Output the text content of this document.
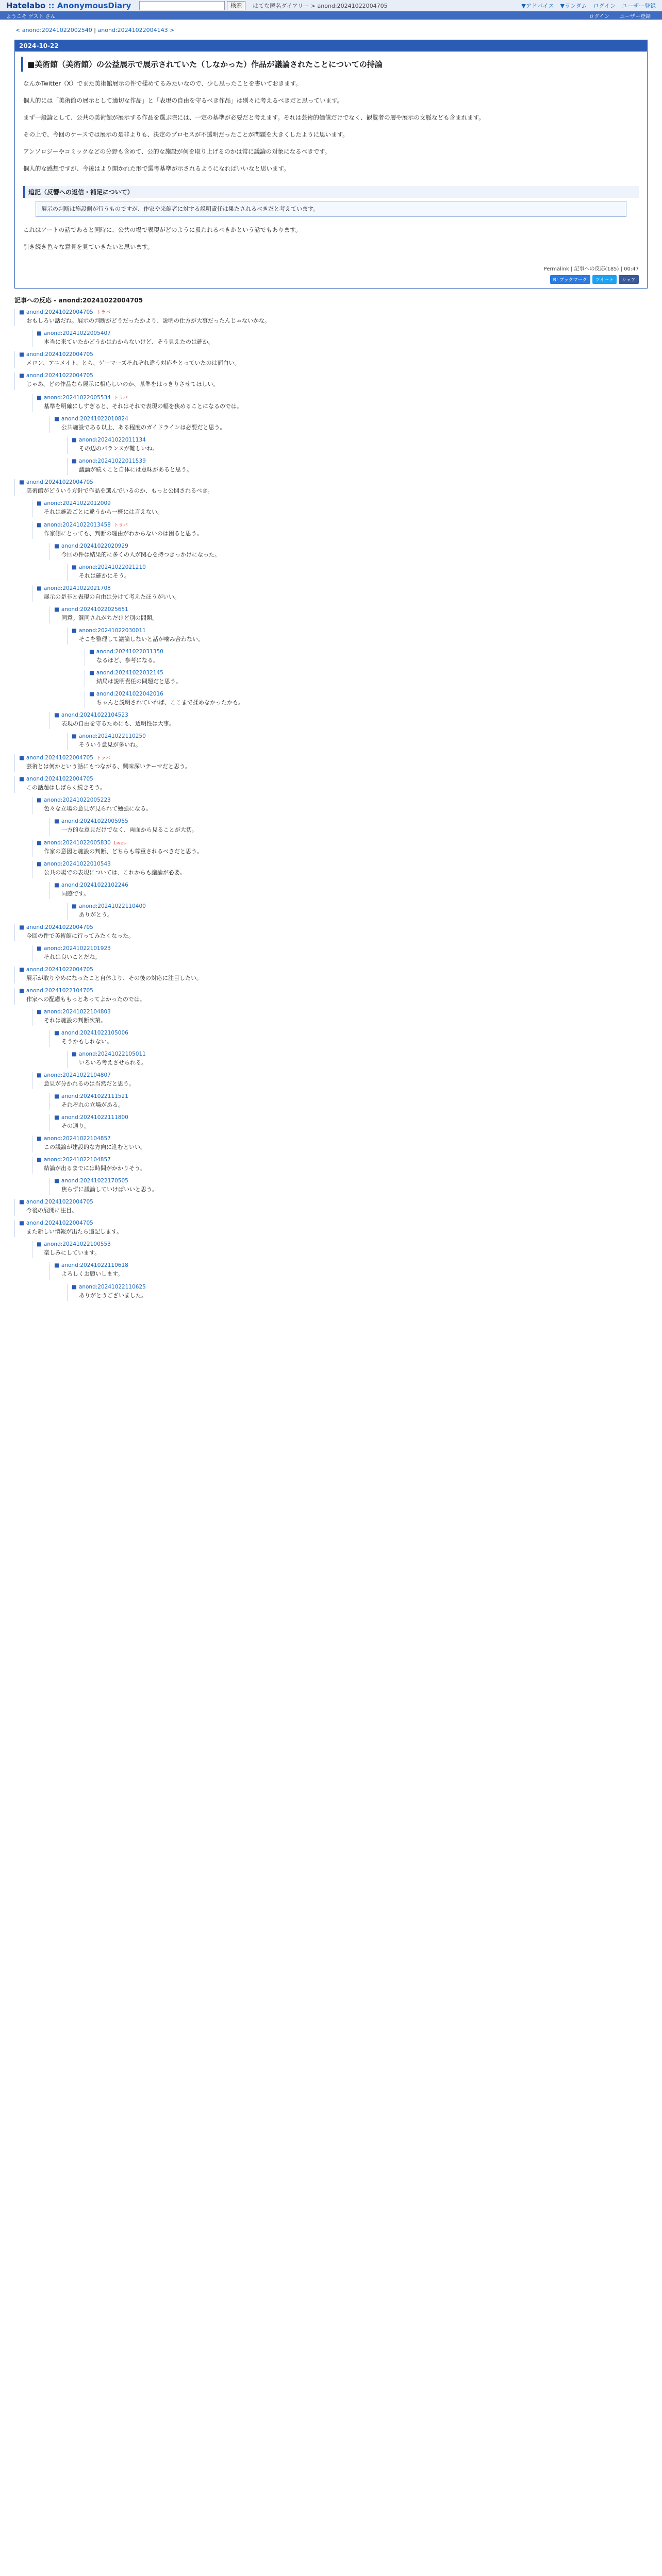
Hatelabo :: AnonymousDiary	検索	はてな匿名ダイアリー > anond:20241022004705	▼アドバイス ▼ランダム ログイン ユーザー登録
ようこそ ゲスト さん	ログイン ユーザー登録
< anond:20241022002540 | anond:20241022004143 >
2024-10-22
■美術館（美術館）の公益展示で展示されていた（しなかった）作品が議論されたことについての持論

なんかTwitter（X）でまた美術館展示の件で揉めてるみたいなので、少し思ったことを書いておきます。

個人的には「美術館の展示として適切な作品」と「表現の自由を守るべき作品」は別々に考えるべきだと思っています。

まず一般論として、公共の美術館が展示する作品を選ぶ際には、一定の基準が必要だと考えます。それは芸術的価値だけでなく、観覧者の層や展示の文脈なども含まれます。

その上で、今回のケースでは展示の是非よりも、決定のプロセスが不透明だったことが問題を大きくしたように思います。

アンソロジーやコミックなどの分野も含めて、公的な施設が何を取り上げるのかは常に議論の対象になるべきです。

個人的な感想ですが、今後はより開かれた形で選考基準が示されるようになればいいなと思います。

追記（反響への返信・補足について）
展示の判断は施設側が行うものですが、作家や来館者に対する説明責任は果たされるべきだと考えています。

これはアートの話であると同時に、公共の場で表現がどのように扱われるべきかという話でもあります。

引き続き色々な意見を見ていきたいと思います。

Permalink | 記事への反応(185) | 00:47
B! ブックマーク	ツイート	シェア
記事への反応 - anond:20241022004705
■ anond:20241022004705 トラバ
おもしろい話だね。展示の判断がどうだったかより、説明の仕方が大事だったんじゃないかな。
■ anond:20241022005407
本当に来ていたかどうかはわからないけど、そう見えたのは確か。
■ anond:20241022004705
メロン、アニメイト、とら、ゲーマーズそれぞれ違う対応をとっていたのは面白い。
■ anond:20241022004705
じゃあ、どの作品なら展示に相応しいのか、基準をはっきりさせてほしい。
■ anond:20241022005534 トラバ
基準を明確にしすぎると、それはそれで表現の幅を狭めることになるのでは。
■ anond:20241022010824
公共施設である以上、ある程度のガイドラインは必要だと思う。
■ anond:20241022011134
その辺のバランスが難しいね。
■ anond:20241022011539
議論が続くこと自体には意味があると思う。
■ anond:20241022004705
美術館がどういう方針で作品を選んでいるのか、もっと公開されるべき。
■ anond:20241022012009
それは施設ごとに違うから一概には言えない。
■ anond:20241022013458 トラバ
作家側にとっても、判断の理由がわからないのは困ると思う。
■ anond:20241022020929
今回の件は結果的に多くの人が関心を持つきっかけになった。
■ anond:20241022021210
それは確かにそう。
■ anond:20241022021708
展示の是非と表現の自由は分けて考えたほうがいい。
■ anond:20241022025651
同意。混同されがちだけど別の問題。
■ anond:20241022030011
そこを整理して議論しないと話が噛み合わない。
■ anond:20241022031350
なるほど、参考になる。
■ anond:20241022032145
結局は説明責任の問題だと思う。
■ anond:20241022042016
ちゃんと説明されていれば、ここまで揉めなかったかも。
■ anond:20241022104523
表現の自由を守るためにも、透明性は大事。
■ anond:20241022110250
そういう意見が多いね。
■ anond:20241022004705 トラバ
芸術とは何かという話にもつながる、興味深いテーマだと思う。
■ anond:20241022004705
この話題はしばらく続きそう。
■ anond:20241022005223
色々な立場の意見が見られて勉強になる。
■ anond:20241022005955
一方的な意見だけでなく、両面から見ることが大切。
■ anond:20241022005830 Lives
作家の意図と施設の判断、どちらも尊重されるべきだと思う。
■ anond:20241022010543
公共の場での表現については、これからも議論が必要。
■ anond:20241022102246
同感です。
■ anond:20241022110400
ありがとう。
■ anond:20241022004705
今回の件で美術館に行ってみたくなった。
■ anond:20241022101923
それは良いことだね。
■ anond:20241022004705
展示が取りやめになったこと自体より、その後の対応に注目したい。
■ anond:20241022104705
作家への配慮ももっとあってよかったのでは。
■ anond:20241022104803
それは施設の判断次第。
■ anond:20241022105006
そうかもしれない。
■ anond:20241022105011
いろいろ考えさせられる。
■ anond:20241022104807
意見が分かれるのは当然だと思う。
■ anond:20241022111521
それぞれの立場がある。
■ anond:20241022111800
その通り。
■ anond:20241022104857
この議論が建設的な方向に進むといい。
■ anond:20241022104857
結論が出るまでには時間がかかりそう。
■ anond:20241022170505
焦らずに議論していけばいいと思う。
■ anond:20241022004705
今後の展開に注目。
■ anond:20241022004705
また新しい情報が出たら追記します。
■ anond:20241022100553
楽しみにしています。
■ anond:20241022110618
よろしくお願いします。
■ anond:20241022110625
ありがとうございました。
